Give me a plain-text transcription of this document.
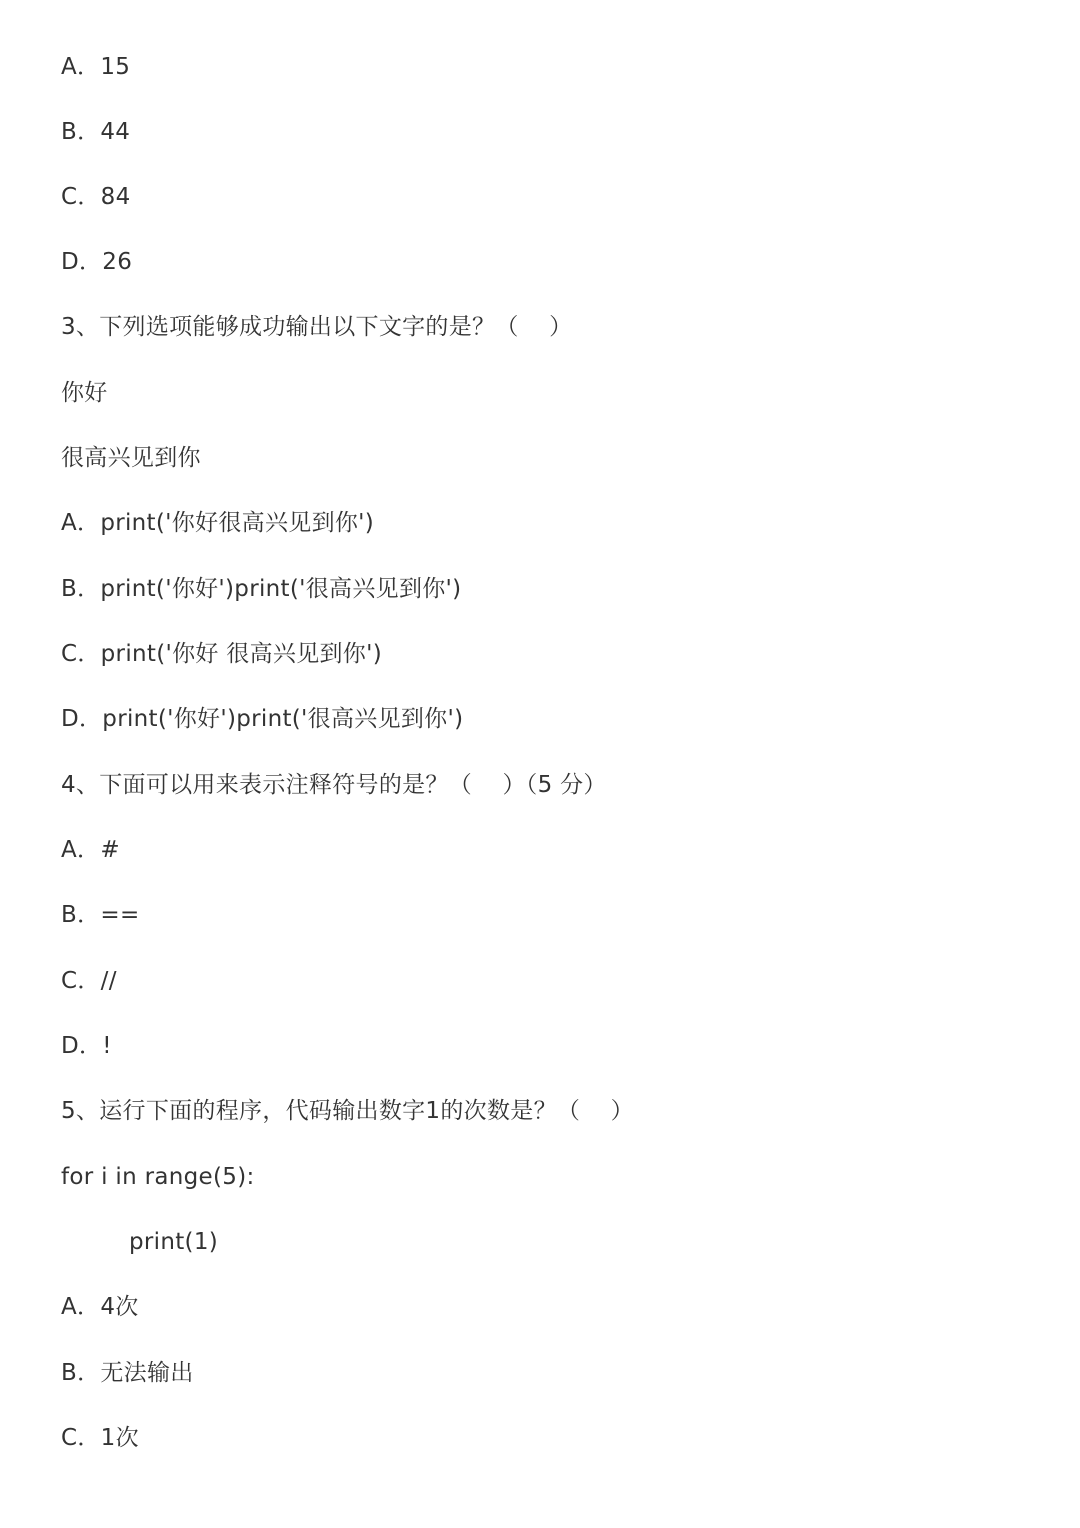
A．15
B．44
C．84
D．26
3、下列选项能够成功输出以下文字的是？（    ）
你好
很高兴见到你
A．print('你好很高兴见到你')
B．print('你好')print('很高兴见到你')
C．print('你好 很高兴见到你')
D．print('你好')print('很高兴见到你')
4、下面可以用来表示注释符号的是？（    ）（5 分）
A．#
B．==
C．//
D．!
5、运行下面的程序，代码输出数字1的次数是？（    ）
for i in range(5):
print(1)
A．4次
B．无法输出
C．1次
